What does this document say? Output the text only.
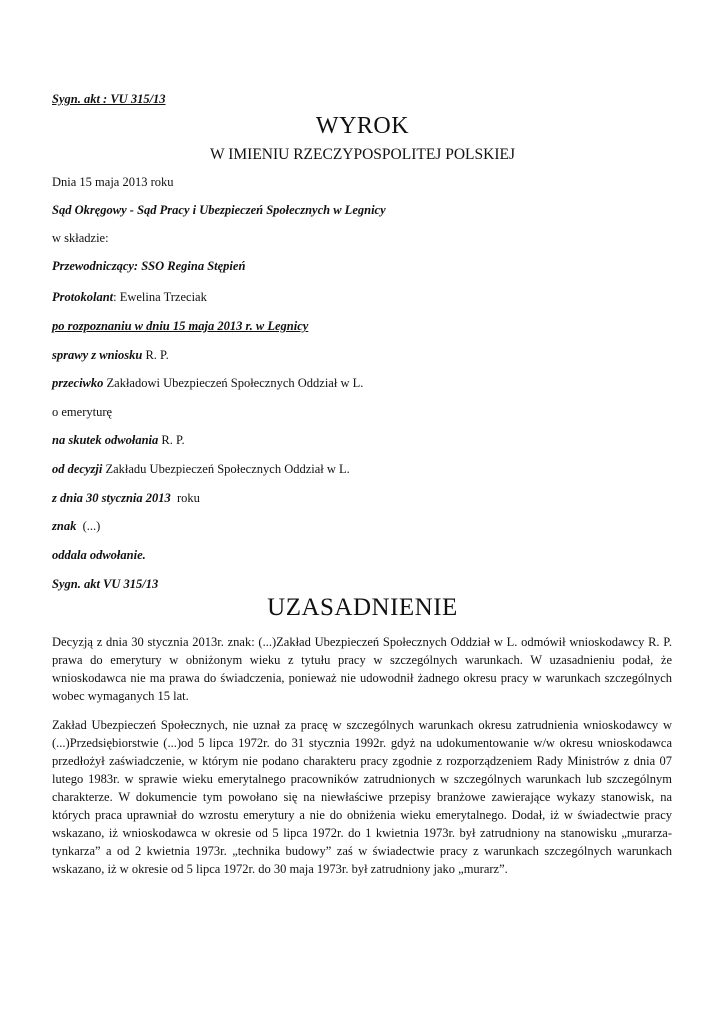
Sygn. akt : VU 315/13
WYROK
W IMIENIU RZECZYPOSPOLITEJ POLSKIEJ
Dnia 15 maja 2013 roku
Sąd Okręgowy - Sąd Pracy i Ubezpieczeń Społecznych w Legnicy
w składzie:
Przewodniczący: SSO Regina Stępień
Protokolant: Ewelina Trzeciak
po rozpoznaniu w dniu 15 maja 2013 r. w Legnicy
sprawy z wniosku R. P.
przeciwko Zakładowi Ubezpieczeń Społecznych Oddział w L.
o emeryturę
na skutek odwołania R. P.
od decyzji Zakładu Ubezpieczeń Społecznych Oddział w L.
z dnia 30 stycznia 2013  roku
znak  (...)
oddala odwołanie.
Sygn. akt VU 315/13
UZASADNIENIE
Decyzją z dnia 30 stycznia 2013r. znak: (...)Zakład Ubezpieczeń Społecznych Oddział w L. odmówił wnioskodawcy R. P. prawa do emerytury w obniżonym wieku z tytułu pracy w szczególnych warunkach. W uzasadnieniu podał, że wnioskodawca nie ma prawa do świadczenia, ponieważ nie udowodnił żadnego okresu pracy w warunkach szczególnych wobec wymaganych 15 lat.
Zakład Ubezpieczeń Społecznych, nie uznał za pracę w szczególnych warunkach okresu zatrudnienia wnioskodawcy w (...)Przedsiębiorstwie (...)od 5 lipca 1972r. do 31 stycznia 1992r. gdyż na udokumentowanie w/w okresu wnioskodawca przedłożył zaświadczenie, w którym nie podano charakteru pracy zgodnie z rozporządzeniem Rady Ministrów z dnia 07 lutego 1983r. w sprawie wieku emerytalnego pracowników zatrudnionych w szczególnych warunkach lub szczególnym charakterze. W dokumencie tym powołano się na niewłaściwe przepisy branżowe zawierające wykazy stanowisk, na których praca uprawniał do wzrostu emerytury a nie do obniżenia wieku emerytalnego. Dodał, iż w świadectwie pracy wskazano, iż wnioskodawca w okresie od 5 lipca 1972r. do 1 kwietnia 1973r. był zatrudniony na stanowisku „murarza-tynkarza” a od 2 kwietnia 1973r. „technika budowy” zaś w świadectwie pracy z warunkach szczególnych warunkach wskazano, iż w okresie od 5 lipca 1972r. do 30 maja 1973r. był zatrudniony jako „murarz”.
